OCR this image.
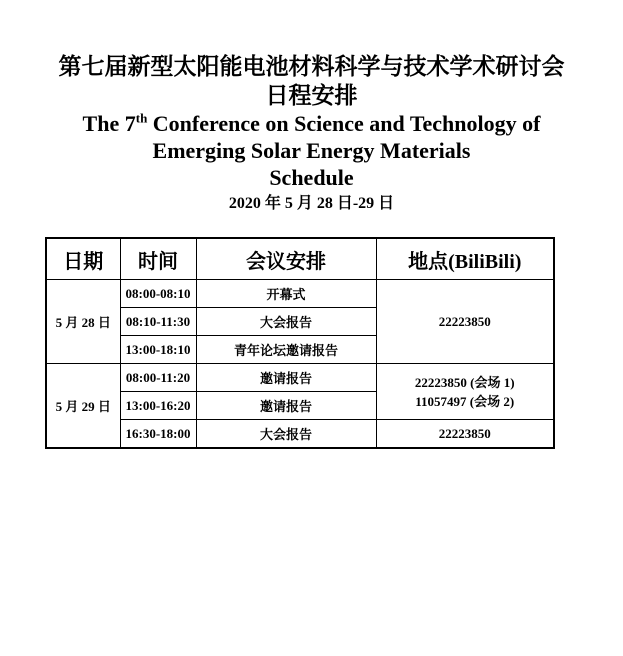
第七届新型太阳能电池材料科学与技术学术研讨会
日程安排
The 7th Conference on Science and Technology of
Emerging Solar Energy Materials
Schedule
2020 年 5 月 28 日-29 日
日期	时间	会议安排	地点(BiliBili)
5 月 28 日	08:00-08:10	开幕式	22223850
	08:10-11:30	大会报告	
	13:00-18:10	青年论坛邀请报告	
5 月 29 日	08:00-11:20	邀请报告	22223850 (会场 1)
11057497 (会场 2)

	13:00-16:20	邀请报告	
	16:30-18:00	大会报告	22223850
